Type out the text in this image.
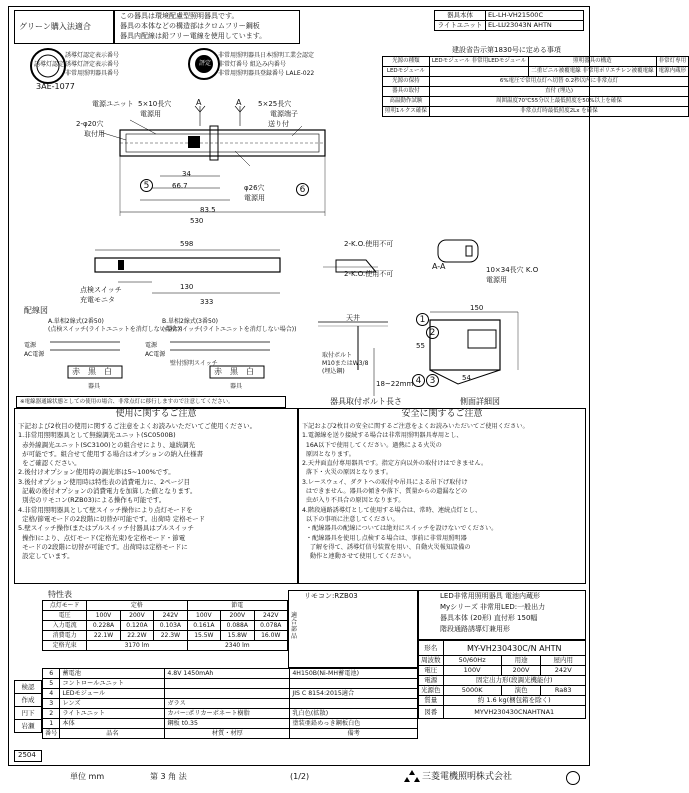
グリーン購入法適合
この器具は環境配慮型照明器具です。
器具の本体などの構造部はクロムフリー鋼板
器具内配線は鉛フリー電線を使用しています。
器具本体	EL-LH-VH21500C
ライトユニット	EL-LU23043N AHTN
誘導灯認定	評定
誘導灯認定表示番号
誘導灯評定表示番号
非常用照明器具番号
3AE-1077
非常用照明器具日本照明工業会認定
非常灯番号 組込み内番号
非常用照明器具登録番号 LALE-022
建設省告示第1830号に定める事項
光源の種類	LEDモジュール 非常用LEDモジュール	照明器具の構造	非常灯専用
LEDモジュール		二重ビニル被覆電線 非常用ポリエチレン被覆電線	電源内蔵形
光源の保持	6%電圧で常用点灯へ切替 0.2秒以内に非常点灯		
器具の取付	直付 (埋込)		
高温動作試験	周囲温度70℃55分以上最低照度を50%以上を確保		
照明1ルクス確保	非常点灯時最低照度2Lx を確保		
電源ユニット 5×10長穴
電源用
5×25長穴
電源端子
2-φ20穴
取付用
送り付
A	A
34
66.7
83.5
530
φ26穴
電源用
5	6
598
130
333
点検スイッチ
充電モニタ
2-K.O.使用不可
2-K.O.使用不可
A-A	10×34長穴 K.O
電源用
配線図
A.単相2線式(2番50)
(点検スイッチ(ライトユニットを消灯しない場合))
B.単相2線式(3番50)
(点検スイッチ(ライトユニットを消灯しない場合))
電源
AC電源
電源
AC電源
壁付照明スイッチ
赤 黒 白	赤 黒 白
器具	器具
※電線器通線状態としての使用の場合、非常点灯に移行しますので注意してください。
150
55
54
18~22mm
天井
取付ボルト
M10またはW3/8
(埋込鋼)
1
2
3
4
器具取付ボルト長さ	側面詳細図
使用に関するご注意	安全に関するご注意
下記および2枚目の使用に関するご注意をよくお読みいただいてご使用ください。
1.非常用照明器具として無線調光ユニット(SC0500B)
赤外線調光ユニット(SC3100)との組合せにより、連続調光
が可能です。組合せて使用する場合はオプションの納入仕様書
をご確認ください。
2.後付けオプション使用時の調光率は5~100%です。
3.後付オプション使用時は特性表の消費電力に、2ページ目
記載の後付オプションの消費電力を加算した値となります。
別売のリモコン(RZB03)による操作も可能です。
4.非常用照明器具として壁スイッチ操作により点灯モードを
定格/節電モードの2段階に切替が可能です。出荷時 定格モード
5.壁スイッチ操作(またはプルスイッチ付器具はプルスイッチ
操作)により、点灯モード(定格光束)を定格モード・節電
モードの2段階に切替が可能です。出荷時は定格モードに
設定しています。
下記および2枚目の安全に関するご注意をよくお読みいただいてご使用ください。
1.電源線を送り接続する場合は非常用照明器具専用とし、
16A以下で使用してください。過熱による火災の
原因となります。
2.天井面直付専用器具です。指定方向以外の取付けはできません。
落下・火災の原因となります。
3.レースウェイ、ダクトへの取付や吊具による吊下げ取付け
はできません。器具の傾きや落下、質量からの遺漏などの
虫が入り不具合の原因となります。
4.階段通路誘導灯として使用する場合は、常時、連続点灯とし、
以下の事項に注意してください。
・配線器具の配線については絶対にスイッチを設けないでください。
・配線器具を使用し点検する場合は、事前に非常用照明器
了解を得て、誘導灯信号装置を用い、自動火災報知設備の
動作と連動させて使用してください。
特性表
点灯モード	定格			節電		
電圧	100V	200V	242V	100V	200V	242V
入力電流	0.228A	0.120A	0.103A	0.161A	0.088A	0.078A
消費電力	22.1W	22.2W	22.3W	15.5W	15.8W	16.0W
定格光束	3170 lm			2340 lm		
リモコン:RZB03
適合部品
LED非常用照明器具 電池内蔵形
Myシリーズ 非常用LED:一般出力
器具本体 (20形) 直付形 150幅
階段通路誘導灯兼用形
形名	MY-VH230430C/N AHTN		
周波数	50/60Hz	用途	屋内用
電圧	100V	200V	242V
電源	固定出力形(段調光機能付)		
光源色	5000K	演色	Ra83
質量	約 1.6 kg(梱包箱を除く)		
図番	MYVH230430CNAHTNA1		
6	蓄電池	4.8V 1450mAh	4H150B(Ni-MH蓄電池)
5	コントロールユニット		
4	LEDモジュール		JIS C 8154:2015適合
3	レンズ	ガラス	
2	ライトユニット	カバー:ポリカーボネート樹脂	乳白色(拡散)
1	本体	鋼板 t0.35	塗装亜鉛めっき鋼板白色
番号	品名	材質・材厚	備考
検認
作成
円下
岩瀬
2504
単位 mm	第 3 角 法	(1/2)	三菱電機照明株式会社
